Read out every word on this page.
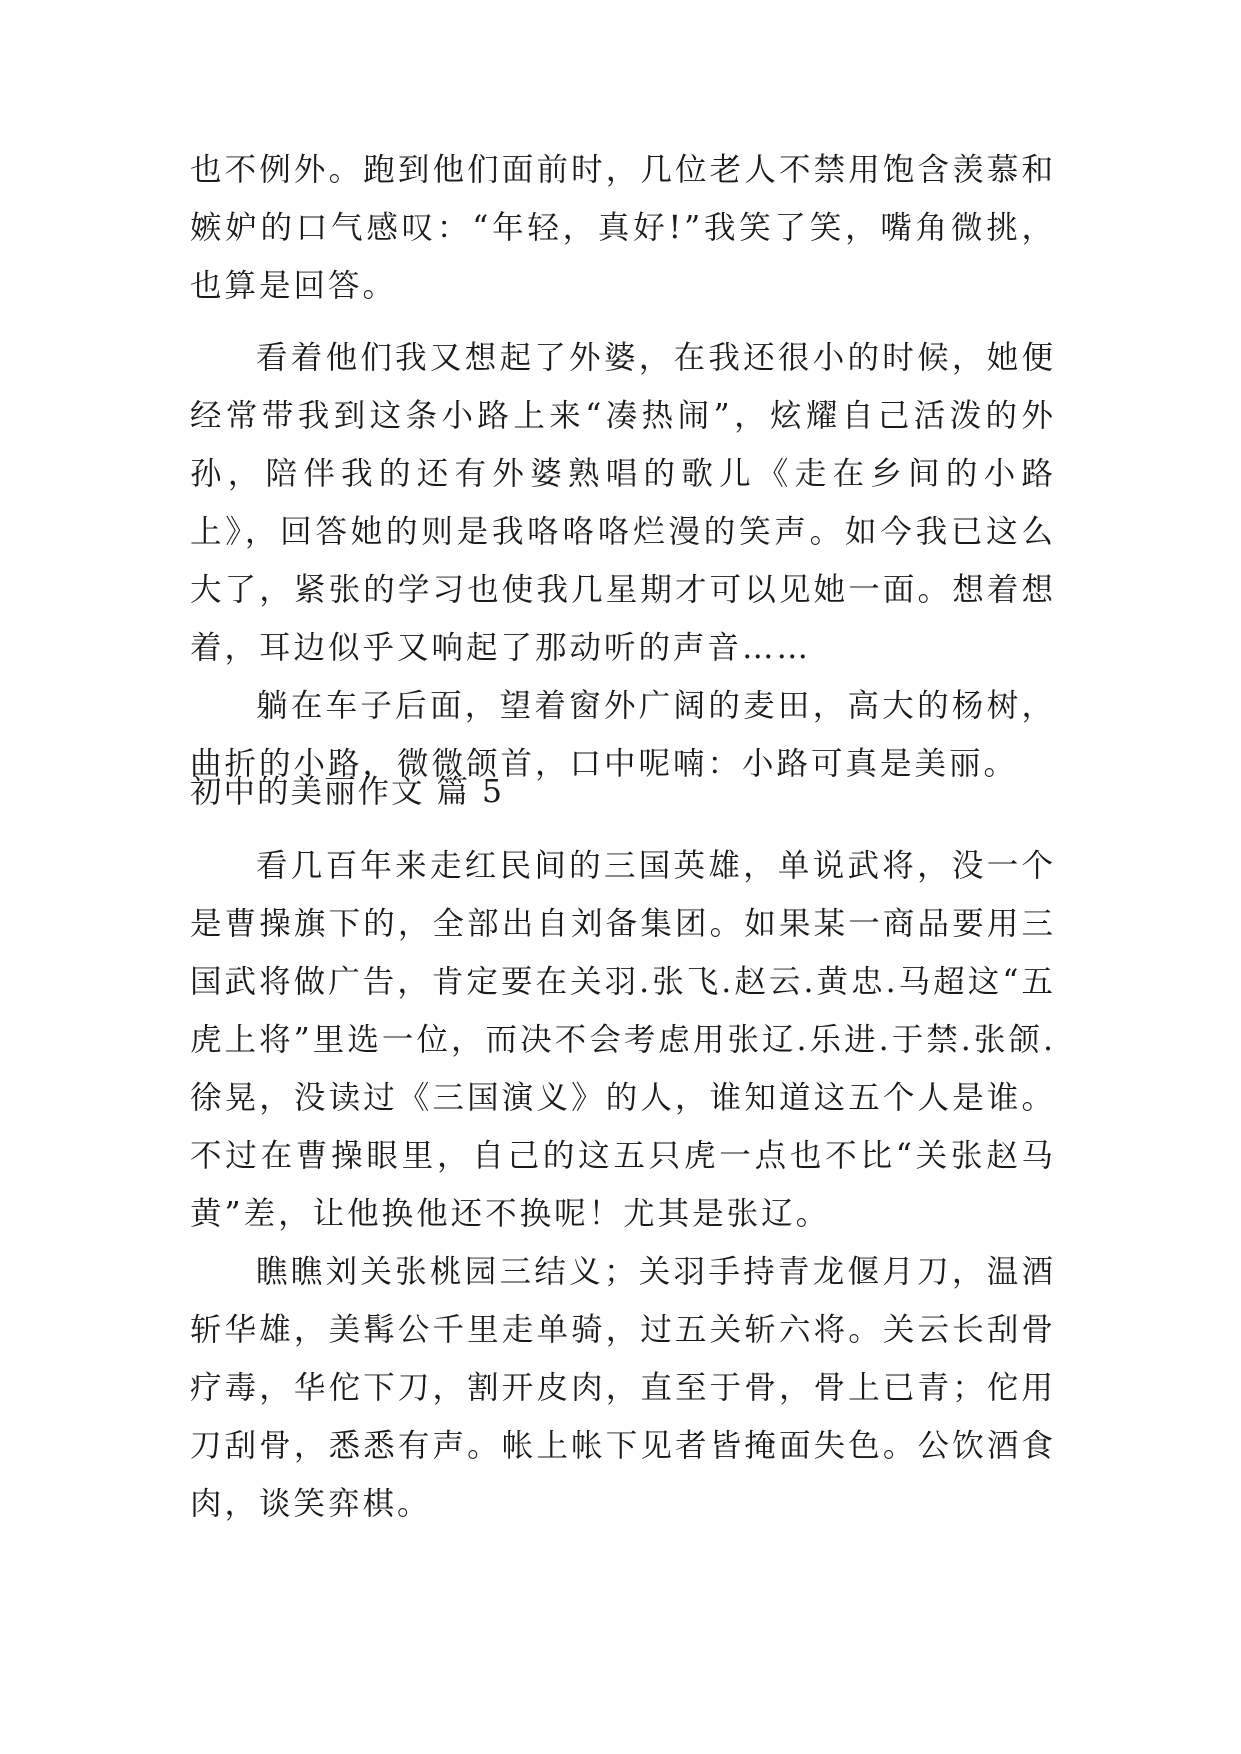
也不例外。跑到他们面前时，几位老人不禁用饱含羡慕和嫉妒的口气感叹：“年轻，真好!”我笑了笑，嘴角微挑，也算是回答。

看着他们我又想起了外婆，在我还很小的时候，她便经常带我到这条小路上来“凑热闹”，炫耀自己活泼的外孙，陪伴我的还有外婆熟唱的歌儿《走在乡间的小路上》，回答她的则是我咯咯咯烂漫的笑声。如今我已这么大了，紧张的学习也使我几星期才可以见她一面。想着想着，耳边似乎又响起了那动听的声音……

躺在车子后面，望着窗外广阔的麦田，高大的杨树，曲折的小路，微微颌首，口中呢喃：小路可真是美丽。

初中的美丽作文 篇 5

看几百年来走红民间的三国英雄，单说武将，没一个是曹操旗下的，全部出自刘备集团。如果某一商品要用三国武将做广告，肯定要在关羽.张飞.赵云.黄忠.马超这“五虎上将”里选一位，而决不会考虑用张辽.乐进.于禁.张颌.徐晃，没读过《三国演义》的人，谁知道这五个人是谁。不过在曹操眼里，自己的这五只虎一点也不比“关张赵马黄”差，让他换他还不换呢！尤其是张辽。

瞧瞧刘关张桃园三结义；关羽手持青龙偃月刀，温酒斩华雄，美髯公千里走单骑，过五关斩六将。关云长刮骨疗毒，华佗下刀，割开皮肉，直至于骨，骨上已青；佗用刀刮骨，悉悉有声。帐上帐下见者皆掩面失色。公饮酒食肉，谈笑弈棋。
